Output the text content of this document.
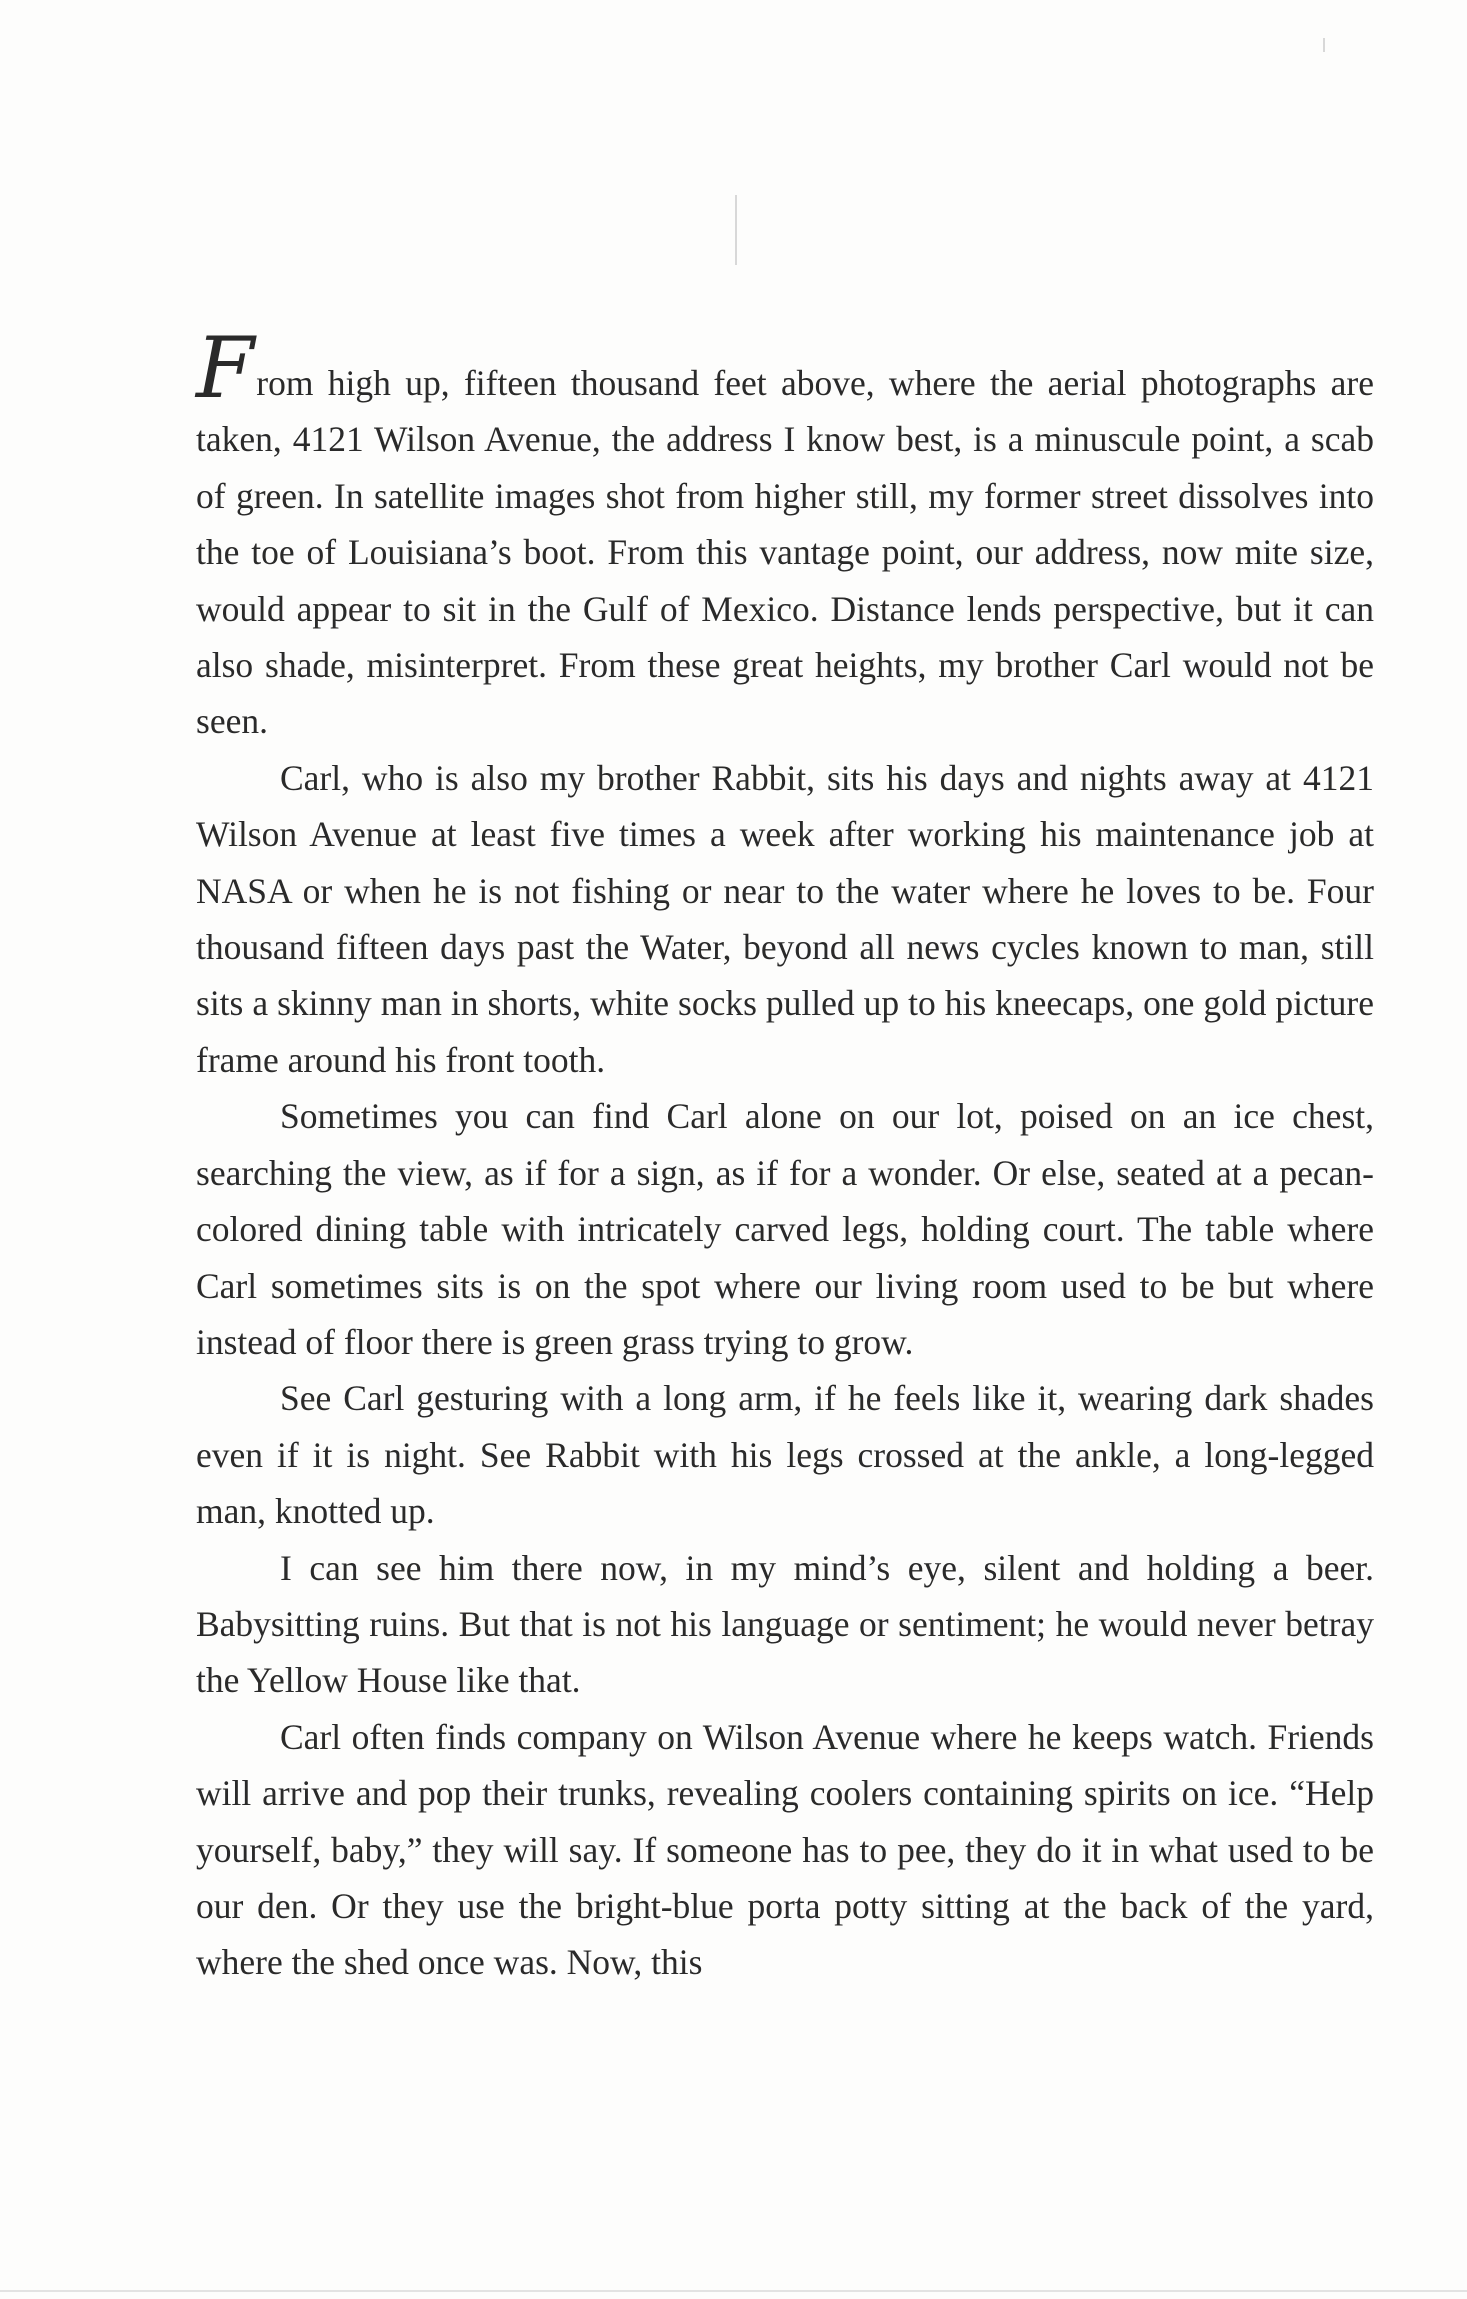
From high up, fifteen thousand feet above, where the aerial photographs are taken, 4121 Wilson Avenue, the address I know best, is a minuscule point, a scab of green. In satellite images shot from higher still, my former street dissolves into the toe of Louisiana’s boot. From this vantage point, our address, now mite size, would appear to sit in the Gulf of Mexico. Distance lends perspective, but it can also shade, misinterpret. From these great heights, my brother Carl would not be seen.

Carl, who is also my brother Rabbit, sits his days and nights away at 4121 Wilson Avenue at least five times a week after working his maintenance job at NASA or when he is not fishing or near to the water where he loves to be. Four thousand fifteen days past the Water, beyond all news cycles known to man, still sits a skinny man in shorts, white socks pulled up to his kneecaps, one gold picture frame around his front tooth.

Sometimes you can find Carl alone on our lot, poised on an ice chest, searching the view, as if for a sign, as if for a wonder. Or else, seated at a pecan-colored dining table with intricately carved legs, holding court. The table where Carl sometimes sits is on the spot where our living room used to be but where instead of floor there is green grass trying to grow.

See Carl gesturing with a long arm, if he feels like it, wearing dark shades even if it is night. See Rabbit with his legs crossed at the ankle, a long-legged man, knotted up.

I can see him there now, in my mind’s eye, silent and holding a beer. Babysitting ruins. But that is not his language or sentiment; he would never betray the Yellow House like that.

Carl often finds company on Wilson Avenue where he keeps watch. Friends will arrive and pop their trunks, revealing coolers containing spirits on ice. “Help yourself, baby,” they will say. If someone has to pee, they do it in what used to be our den. Or they use the bright-blue porta potty sitting at the back of the yard, where the shed once was. Now, this
